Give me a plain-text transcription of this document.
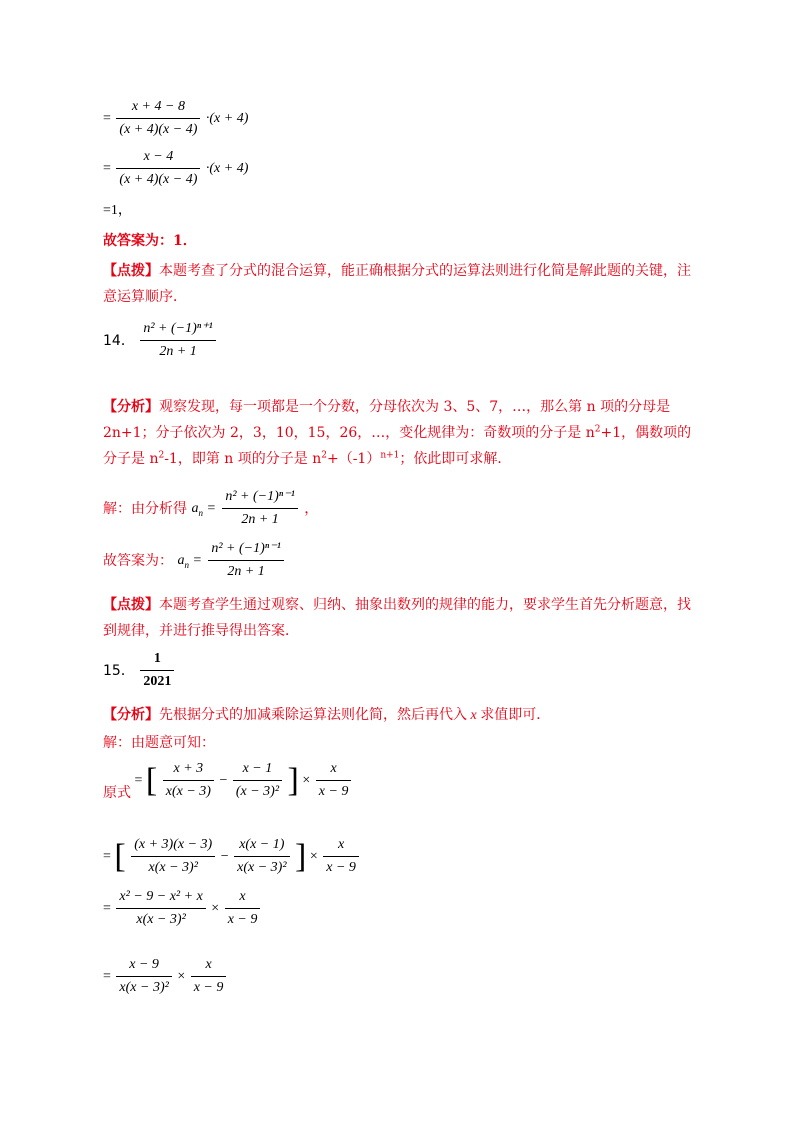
= $\frac{x + 4 - 8}{(x + 4)(x - 4)} \cdot(x + 4)$
= $\frac{x - 4}{(x + 4)(x - 4)} \cdot(x + 4)$
=1，
故答案为：1．
【点拨】本题考查了分式的混合运算，能正确根据分式的运算法则进行化简是解此题的关键，注意运算顺序．
14． $\frac{\text{n² + (−1)ⁿ⁺¹}}{2n + 1}$
【分析】观察发现，每一项都是一个分数，分母依次为 3、5、7，…，那么第 n 项的分母是 2n+1；分子依次为 2，3，10，15，26，…，变化规律为：奇数项的分子是 $n^2+1$，偶数项的分子是 $n^2-1$，即第 n 项的分子是 $n^2+(-1)^{n+1}$；依此即可求解．
解：由分析得 $a_n = \frac{\text{n² + (−1)ⁿ⁻¹}}{2n + 1}$ ，
故答案为： $a_n = \frac{\text{n² + (−1)ⁿ⁻¹}}{2n + 1}$
【点拨】本题考查学生通过观察、归纳、抽象出数列的规律的能力，要求学生首先分析题意，找到规律，并进行推导得出答案．
15． $\frac{1}{2021}$
【分析】先根据分式的加减乘除运算法则化简，然后再代入 x 求值即可．
解：由题意可知：
原式 = [ $\frac{x + 3}{x(x - 3)} - \frac{x - 1}{\text{(x − 3)²}}$ ] × $\frac{x}{x - 9}$
= [ $\frac{(x + 3)(x - 3)}{\text{x(x − 3)²}} - \frac{x(x - 1)}{\text{x(x − 3)²}}$ ] × $\frac{x}{x - 9}$
= $\frac{\text{x² − 9 − x² + x}}{\text{x(x − 3)²}} \times \frac{x}{x - 9}$
= $\frac{x - 9}{\text{x(x − 3)²}} \times \frac{x}{x - 9}$
